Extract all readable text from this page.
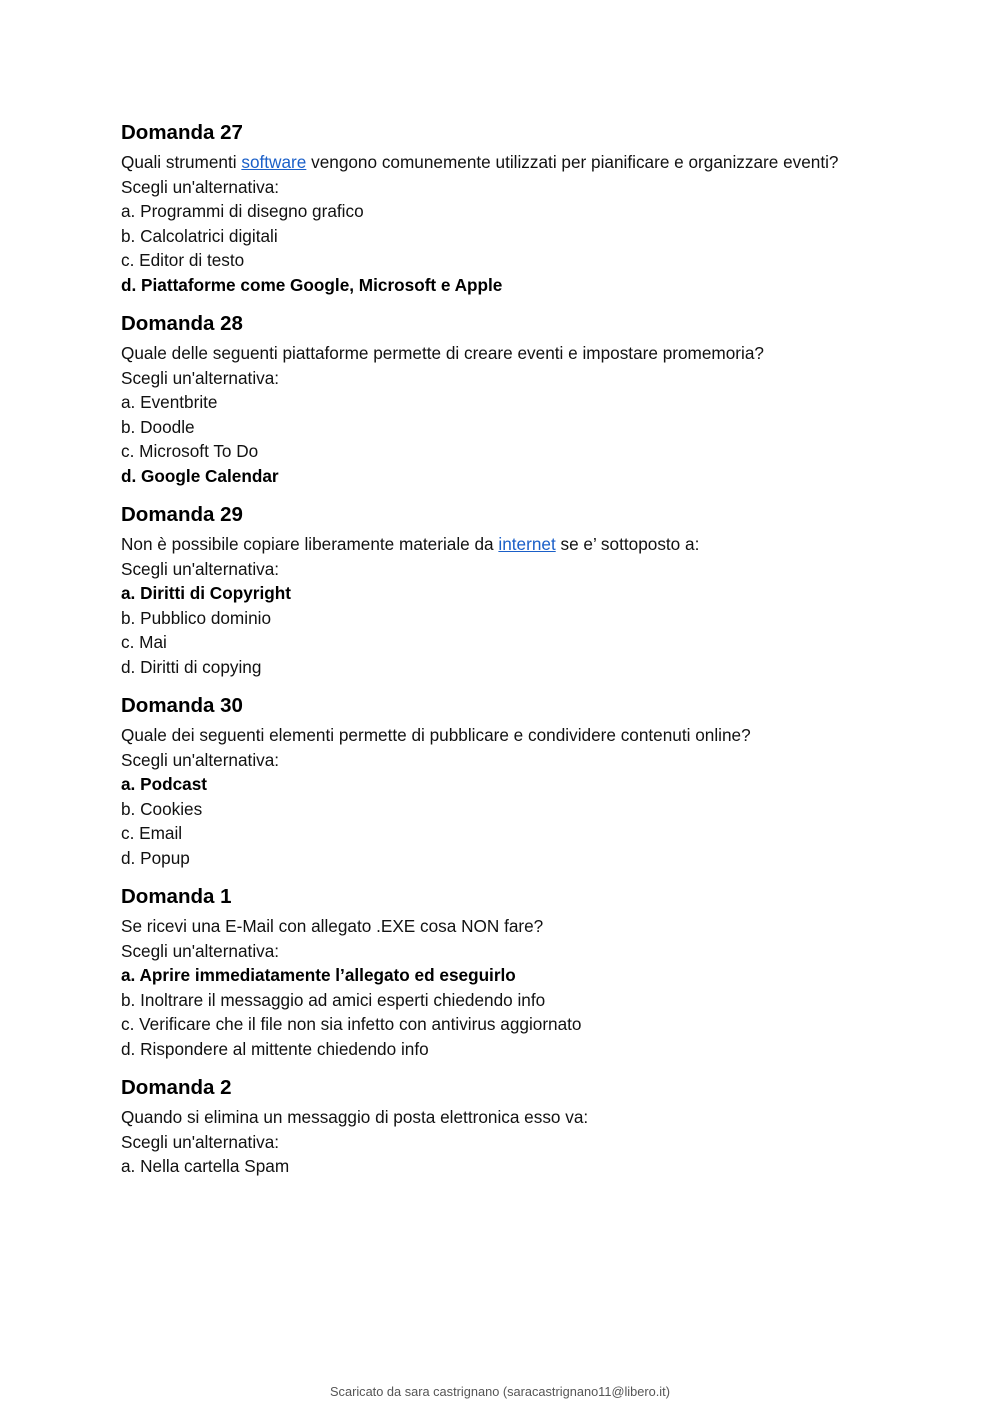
Domanda 27

Quali strumenti software vengono comunemente utilizzati per pianificare e organizzare eventi?

Scegli un'alternativa:

a. Programmi di disegno grafico

b. Calcolatrici digitali

c. Editor di testo

d. Piattaforme come Google, Microsoft e Apple

Domanda 28

Quale delle seguenti piattaforme permette di creare eventi e impostare promemoria?

Scegli un'alternativa:

a. Eventbrite

b. Doodle

c. Microsoft To Do

d. Google Calendar

Domanda 29

Non è possibile copiare liberamente materiale da internet se e’ sottoposto a:

Scegli un'alternativa:

a. Diritti di Copyright

b. Pubblico dominio

c. Mai

d. Diritti di copying

Domanda 30

Quale dei seguenti elementi permette di pubblicare e condividere contenuti online?

Scegli un'alternativa:

a. Podcast

b. Cookies

c. Email

d. Popup

Domanda 1

Se ricevi una E-Mail con allegato .EXE cosa NON fare?

Scegli un'alternativa:

a. Aprire immediatamente l’allegato ed eseguirlo

b. Inoltrare il messaggio ad amici esperti chiedendo info

c. Verificare che il file non sia infetto con antivirus aggiornato

d. Rispondere al mittente chiedendo info

Domanda 2

Quando si elimina un messaggio di posta elettronica esso va:

Scegli un'alternativa:

a. Nella cartella Spam

Scaricato da sara castrignano (saracastrignano11@libero.it)
